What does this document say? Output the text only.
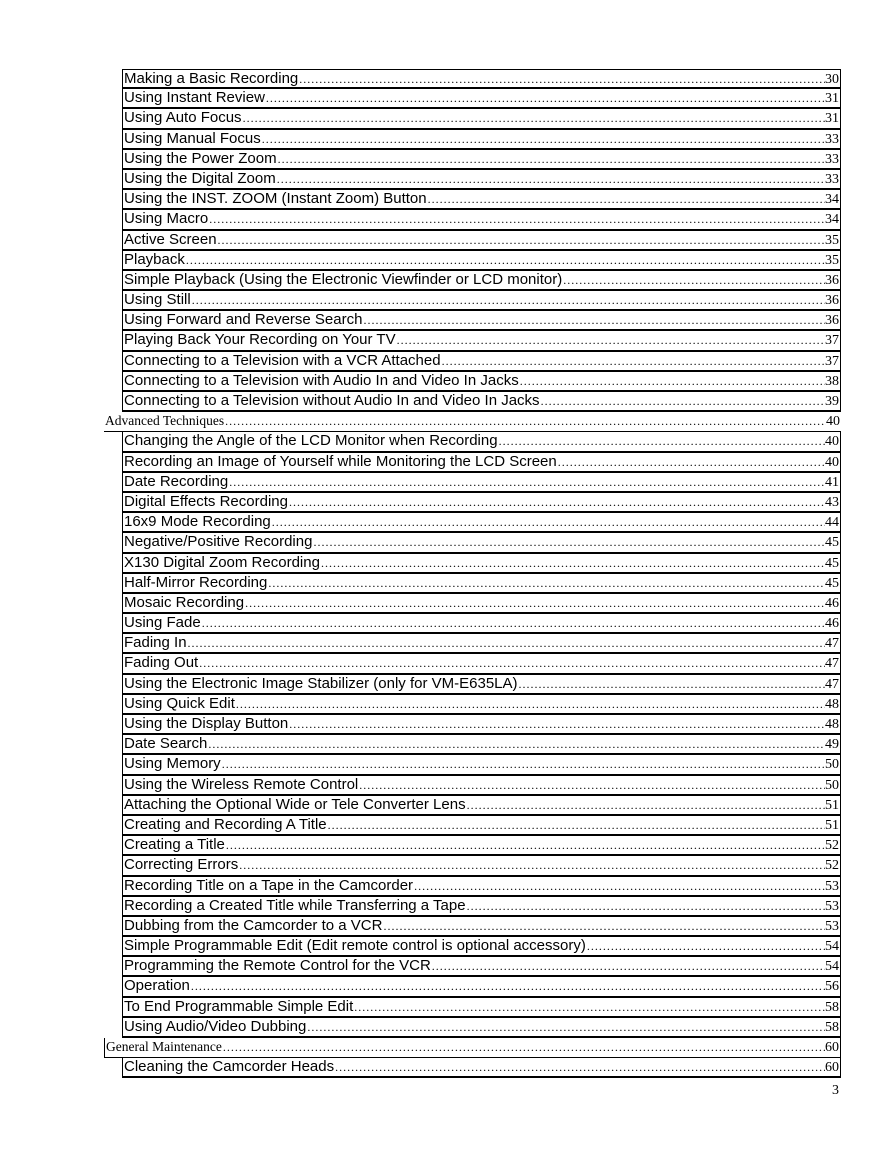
Making a Basic Recording .....	30
Using Instant Review .....	31
Using Auto Focus .....	31
Using Manual Focus .....	33
Using the Power Zoom .....	33
Using the Digital Zoom .....	33
Using the INST. ZOOM (Instant Zoom) Button .....	34
Using Macro .....	34
Active Screen .....	35
Playback .....	35
Simple Playback (Using the Electronic Viewfinder or LCD monitor) .....	36
Using Still .....	36
Using Forward and Reverse Search .....	36
Playing Back Your Recording on Your TV .....	37
Connecting to a Television with a VCR Attached .....	37
Connecting to a Television with Audio In and Video In Jacks .....	38
Connecting to a Television without Audio In and Video In Jacks .....	39
Advanced Techniques .....	40
Changing the Angle of the LCD Monitor when Recording .....	40
Recording an Image of Yourself while Monitoring the LCD Screen .....	40
Date Recording .....	41
Digital Effects Recording .....	43
16x9 Mode Recording .....	44
Negative/Positive Recording .....	45
X130 Digital Zoom Recording .....	45
Half-Mirror Recording .....	45
Mosaic Recording .....	46
Using Fade .....	46
Fading In .....	47
Fading Out .....	47
Using the Electronic Image Stabilizer (only for VM-E635LA) .....	47
Using Quick Edit .....	48
Using the Display Button .....	48
Date Search .....	49
Using Memory .....	50
Using the Wireless Remote Control .....	50
Attaching the Optional Wide or Tele Converter Lens .....	51
Creating and Recording A Title .....	51
Creating a Title .....	52
Correcting Errors .....	52
Recording Title on a Tape in the Camcorder .....	53
Recording a Created Title while Transferring a Tape .....	53
Dubbing from the Camcorder to a VCR .....	53
Simple Programmable Edit (Edit remote control is optional accessory) .....	54
Programming the Remote Control for the VCR .....	54
Operation .....	56
To End Programmable Simple Edit .....	58
Using Audio/Video Dubbing .....	58
General Maintenance .....	60
Cleaning the Camcorder Heads .....	60
3
